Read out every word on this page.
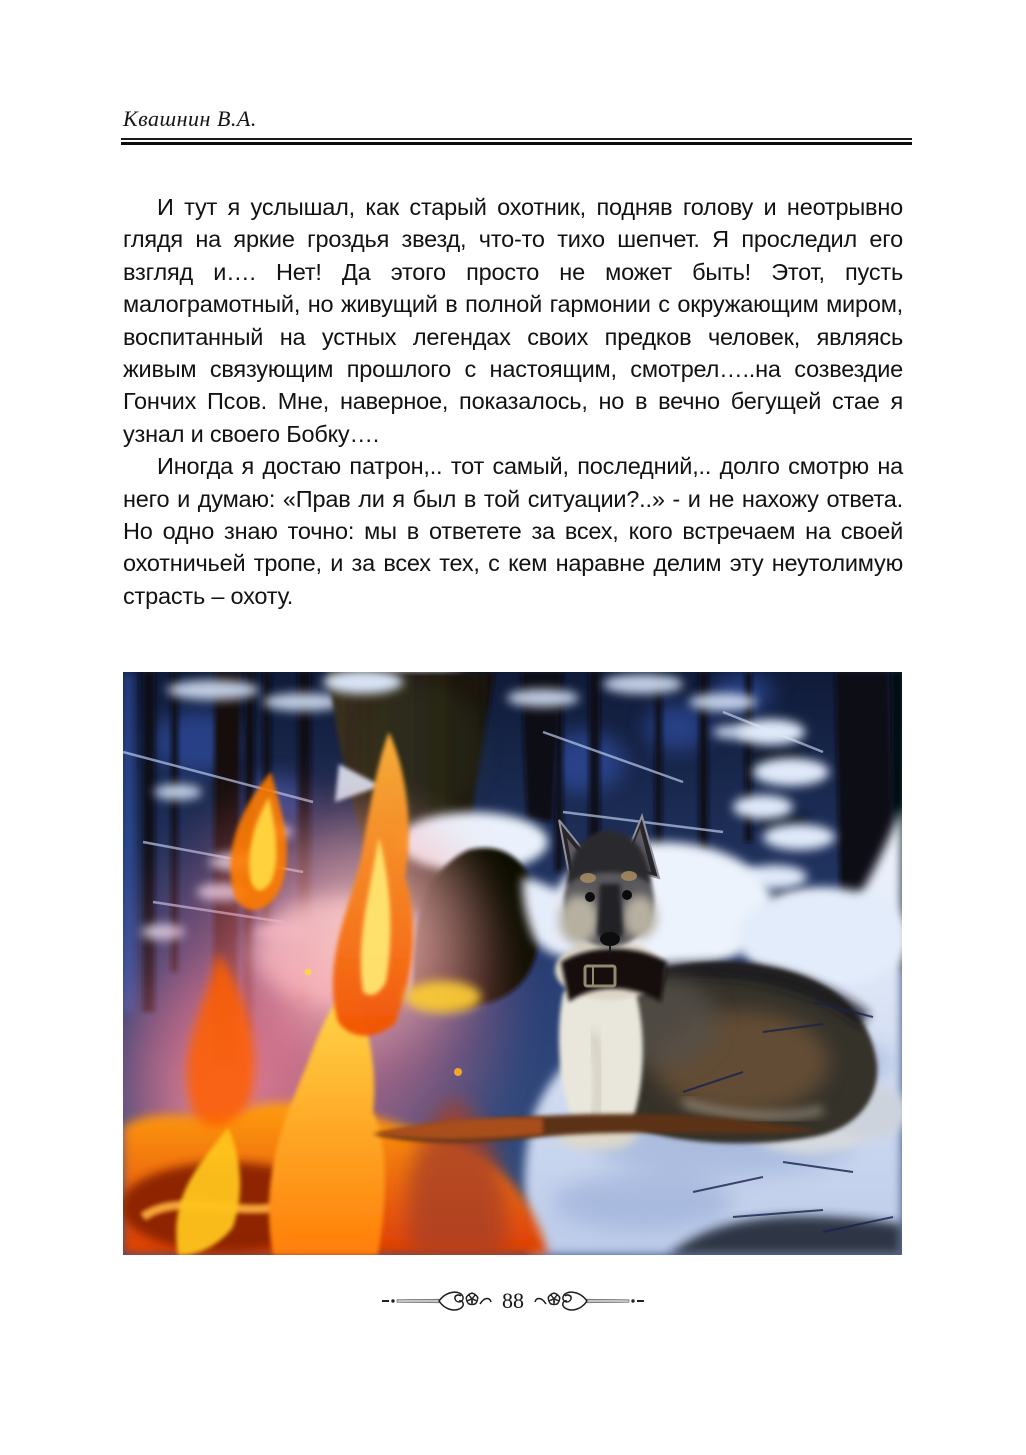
Квашнин В.А.

И тут я услышал, как старый охотник, подняв голову и неотрывно глядя на яркие гроздья звезд, что-то тихо шепчет. Я проследил его взгляд и…. Нет! Да этого просто не может быть! Этот, пусть малограмотный, но живущий в полной гармонии с окружающим миром, воспитанный на устных легендах своих предков человек, являясь живым связующим прошлого с настоящим, смотрел…..на созвездие Гончих Псов. Мне, наверное, показалось, но в вечно бегущей стае я узнал и своего Бобку….

Иногда я достаю патрон,.. тот самый, последний,.. долго смотрю на него и думаю: «Прав ли я был в той ситуации?..» - и не нахожу ответа. Но одно знаю точно: мы в ответете за всех, кого встречаем на своей охотничьей тропе, и за всех тех, с кем наравне делим эту неутолимую страсть – охоту.

88
